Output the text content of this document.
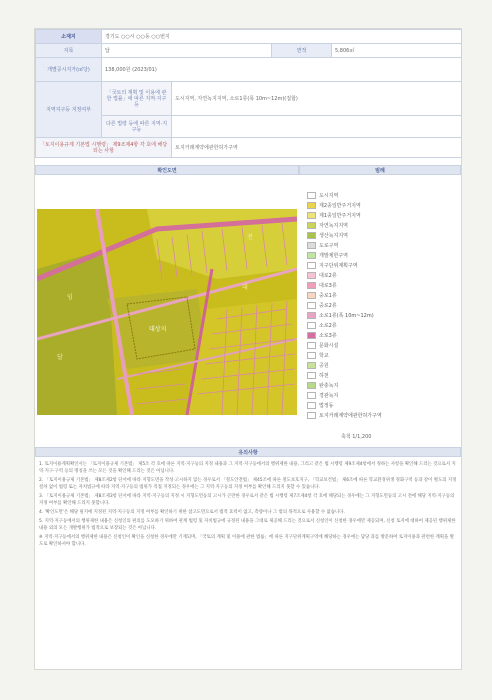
소재지	경기도 ○○시 ○○동 ○○번지			
지목	답		면적	5,806㎡
개별공시지가(㎡당)	138,000원 (2023/01)			
지역지구등 지정여부	「국토의 계획 및 이용에 관한 법률」에 따른 지역·지구등	도시지역, 자연녹지지역, 소로1류(폭 10m~12m)(접합)		
	다른 법령 등에 따른 지역·지구등			
「토지이용규제 기본법 시행령」 제9조제4항 각 호에 해당되는 사항		토지거래계약에관한허가구역		
확인도면	범례
대상지
답
전
대
임
도시지역
제2종일반주거지역
제1종일반주거지역
자연녹지지역
생산녹지지역
도로구역
개발제한구역
지구단위계획구역
대로2류
대로3류
중로1류
중로2류
소로1류(폭 10m~12m)
소로2류
소로3류
문화시설
학교
공원
하천
완충녹지
경관녹지
법정동
토지거래계약에관한허가구역
축척 1/1,200
유의사항

1. 토지이용계획확인서는 「토지이용규제 기본법」 제5조 각 호에 따른 지역·지구등의 지정 내용과 그 지역·지구등에서의 행위제한 내용, 그리고 같은 법 시행령 제9조제4항에서 정하는 사항을 확인해 드리는 것으로서 지역·지구·구역 등의 명칭을 쓰는 모든 것을 확인해 드리는 것은 아닙니다.

2. 「토지이용규제 기본법」 제8조제2항 단서에 따라 지형도면을 작성·고시하지 않는 경우로서 「철도안전법」 제45조에 따른 철도보호지구, 「학교보건법」 제6조에 따른 학교환경위생 정화구역 등과 같이 별도의 지정 절차 없이 법령 또는 자치법규에 따라 지역·지구등의 범위가 직접 지정되는 경우에는 그 지역·지구등의 지정 여부를 확인해 드리지 못할 수 있습니다.

3. 「토지이용규제 기본법」 제8조제3항 단서에 따라 지역·지구등의 지정 시 지형도면등의 고시가 곤란한 경우로서 같은 법 시행령 제7조제4항 각 호에 해당되는 경우에는 그 지형도면등의 고시 전에 해당 지역·지구등의 지정 여부를 확인해 드리지 못합니다.

4. '확인도면'은 해당 필지에 지정된 지역·지구등의 지정 여부를 확인하기 위한 참고도면으로서 법적 효력이 없고, 측량이나 그 밖의 목적으로 사용할 수 없습니다.

5. 지역·지구등에서의 행위제한 내용은 신청인의 편의를 도모하기 위하여 관계 법령 및 자치법규에 규정된 내용을 그대로 제공해 드리는 것으로서 신청인이 신청한 경우에만 제공되며, 신청 토지에 대하여 제공된 행위제한 내용 외의 모든 개발행위가 법적으로 보장되는 것은 아닙니다.

※ 지역·지구등에서의 행위제한 내용은 신청인이 확인을 신청한 경우에만 기재되며, 「국토의 계획 및 이용에 관한 법률」에 따른 지구단위계획구역에 해당하는 경우에는 담당 과를 방문하여 토지이용과 관련한 계획을 별도로 확인하셔야 합니다.
